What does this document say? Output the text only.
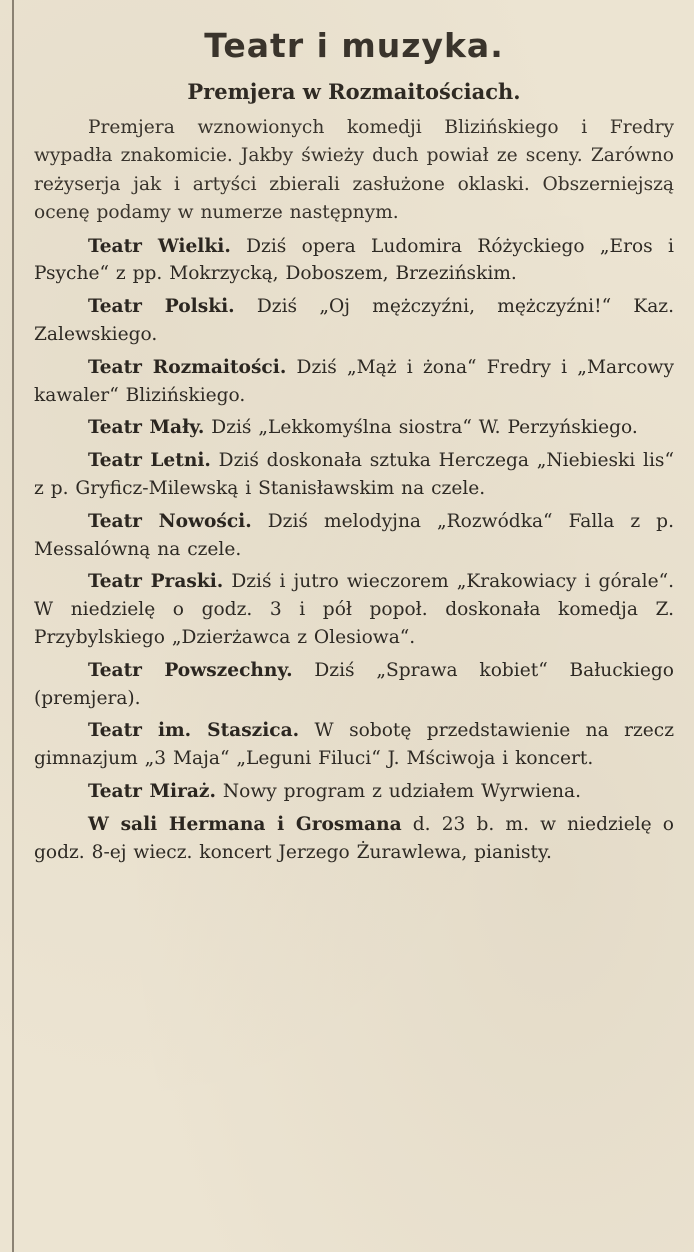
Teatr i muzyka.
Premjera w Rozmaitościach.

Premjera wznowionych komedji Blizińskiego i Fredry wypadła znakomicie. Jakby świeży duch powiał ze sceny. Zarówno reżyserja jak i artyści zbierali zasłużone oklaski. Obszerniejszą ocenę podamy w numerze następnym.

Teatr Wielki. Dziś opera Ludomira Różyckiego „Eros i Psyche“ z pp. Mokrzycką, Doboszem, Brzezińskim.

Teatr Polski. Dziś „Oj mężczyźni, mężczyźni!“ Kaz. Zalewskiego.

Teatr Rozmaitości. Dziś „Mąż i żona“ Fredry i „Marcowy kawaler“ Blizińskiego.

Teatr Mały. Dziś „Lekkomyślna siostra“ W. Perzyńskiego.

Teatr Letni. Dziś doskonała sztuka Herczega „Niebieski lis“ z p. Gryficz-Milewską i Stanisławskim na czele.

Teatr Nowości. Dziś melodyjna „Rozwódka“ Falla z p. Messalówną na czele.

Teatr Praski. Dziś i jutro wieczorem „Krakowiacy i górale“. W niedzielę o godz. 3 i pół popoł. doskonała komedja Z. Przybylskiego „Dzierżawca z Olesiowa“.

Teatr Powszechny. Dziś „Sprawa kobiet“ Bałuckiego (premjera).

Teatr im. Staszica. W sobotę przedstawienie na rzecz gimnazjum „3 Maja“ „Leguni Filuci“ J. Mściwoja i koncert.

Teatr Miraż. Nowy program z udziałem Wyrwiena.

W sali Hermana i Grosmana d. 23 b. m. w niedzielę o godz. 8-ej wiecz. koncert Jerzego Żurawlewa, pianisty.
